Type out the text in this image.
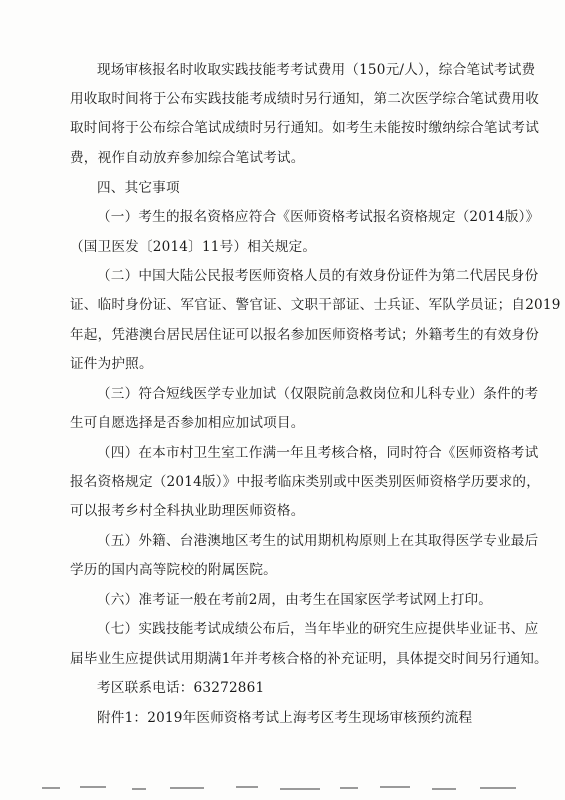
现场审核报名时收取实践技能考考试费用（150元/人），综合笔试考试费

用收取时间将于公布实践技能考成绩时另行通知，第二次医学综合笔试费用收

取时间将于公布综合笔试成绩时另行通知。如考生未能按时缴纳综合笔试考试

费，视作自动放弃参加综合笔试考试。

四、其它事项

（一）考生的报名资格应符合《医师资格考试报名资格规定（2014版）》

（国卫医发〔2014〕11号）相关规定。

（二）中国大陆公民报考医师资格人员的有效身份证件为第二代居民身份

证、临时身份证、军官证、警官证、文职干部证、士兵证、军队学员证；自2019

年起，凭港澳台居民居住证可以报名参加医师资格考试；外籍考生的有效身份

证件为护照。

（三）符合短线医学专业加试（仅限院前急救岗位和儿科专业）条件的考

生可自愿选择是否参加相应加试项目。

（四）在本市村卫生室工作满一年且考核合格，同时符合《医师资格考试

报名资格规定（2014版）》中报考临床类别或中医类别医师资格学历要求的，

可以报考乡村全科执业助理医师资格。

（五）外籍、台港澳地区考生的试用期机构原则上在其取得医学专业最后

学历的国内高等院校的附属医院。

（六）准考证一般在考前2周，由考生在国家医学考试网上打印。

（七）实践技能考试成绩公布后，当年毕业的研究生应提供毕业证书、应

届毕业生应提供试用期满1年并考核合格的补充证明，具体提交时间另行通知。

考区联系电话：63272861

附件1：2019年医师资格考试上海考区考生现场审核预约流程
